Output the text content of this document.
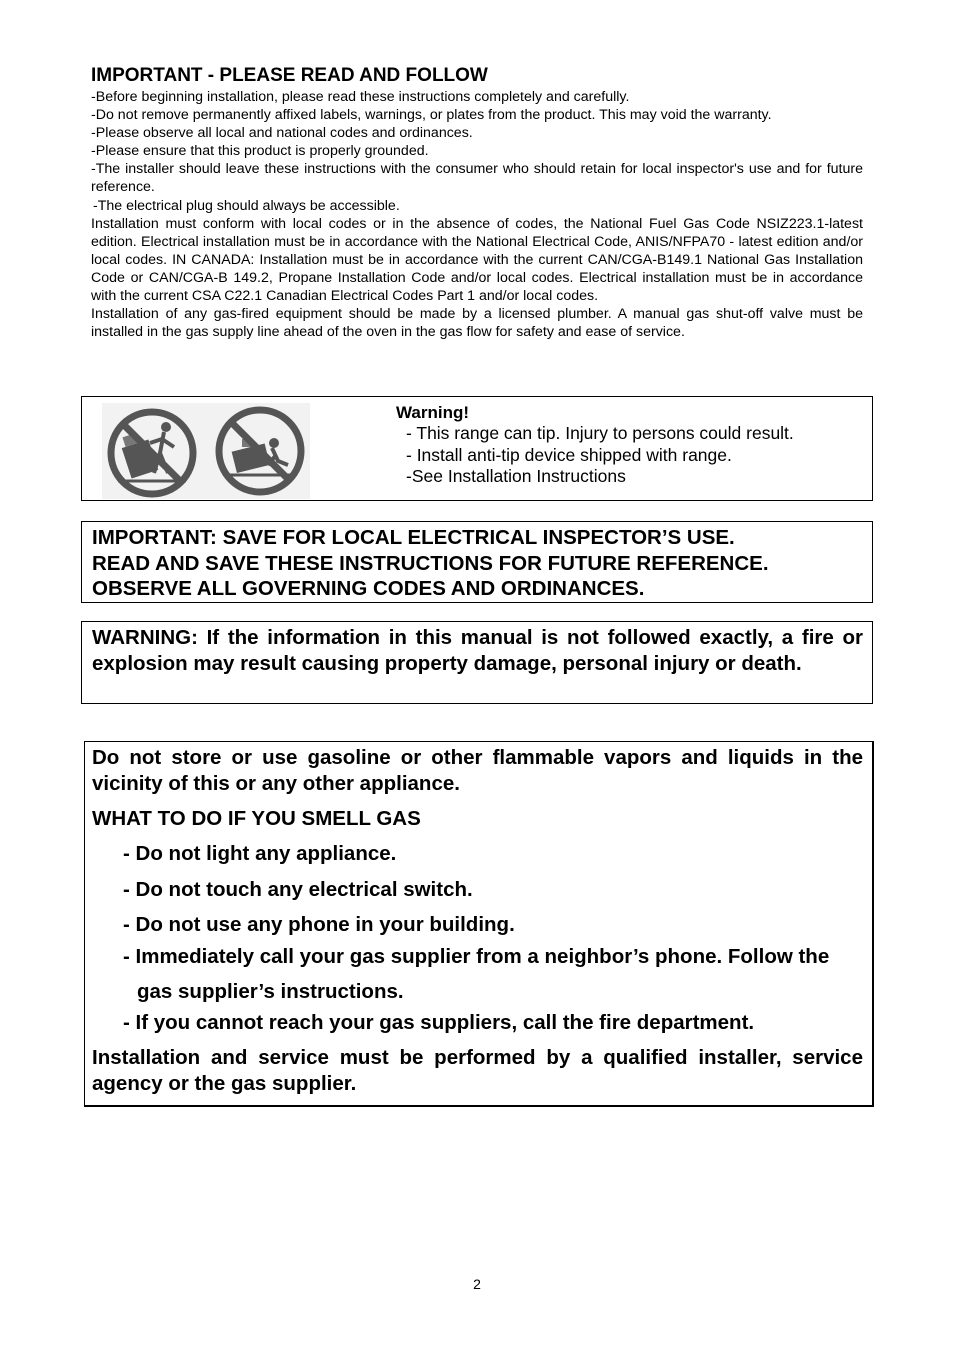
IMPORTANT - PLEASE READ AND FOLLOW

-Before beginning installation, please read these instructions completely and carefully.

-Do not remove permanently affixed labels, warnings, or plates from the product. This may void the warranty.

-Please observe all local and national codes and ordinances.

-Please ensure that this product is properly grounded.

-The installer should leave these instructions with the consumer who should retain for local inspector's use and for future reference.

-The electrical plug should always be accessible.

Installation must conform with local codes or in the absence of codes, the National Fuel Gas Code NSIZ223.1-latest edition. Electrical installation must be in accordance with the National Electrical Code, ANIS/NFPA70 - latest edition and/or local codes. IN CANADA: Installation must be in accordance with the current CAN/CGA-B149.1 National Gas Installation Code or CAN/CGA-B 149.2, Propane Installation Code and/or local codes. Electrical installation must be in accordance with the current CSA C22.1 Canadian Electrical Codes Part 1 and/or local codes.

Installation of any gas-fired equipment should be made by a licensed plumber. A manual gas shut-off valve must be installed in the gas supply line ahead of the oven in the gas flow for safety and ease of service.

Warning!
- This range can tip. Injury to persons could result.
- Install anti-tip device shipped with range.
-See Installation Instructions
IMPORTANT: SAVE FOR LOCAL ELECTRICAL INSPECTOR’S USE.
READ AND SAVE THESE INSTRUCTIONS FOR FUTURE REFERENCE.
OBSERVE ALL GOVERNING CODES AND ORDINANCES.
WARNING: If the information in this manual is not followed exactly, a fire or explosion may result causing property damage, personal injury or death.

Do not store or use gasoline or other flammable vapors and liquids in the vicinity of this or any other appliance.

WHAT TO DO IF YOU SMELL GAS

- Do not light any appliance.

- Do not touch any electrical switch.

- Do not use any phone in your building.

- Immediately call your gas supplier from a neighbor’s phone. Follow the gas supplier’s instructions.

- If you cannot reach your gas suppliers, call the fire department.

Installation and service must be performed by a qualified installer, service agency or the gas supplier.

2
